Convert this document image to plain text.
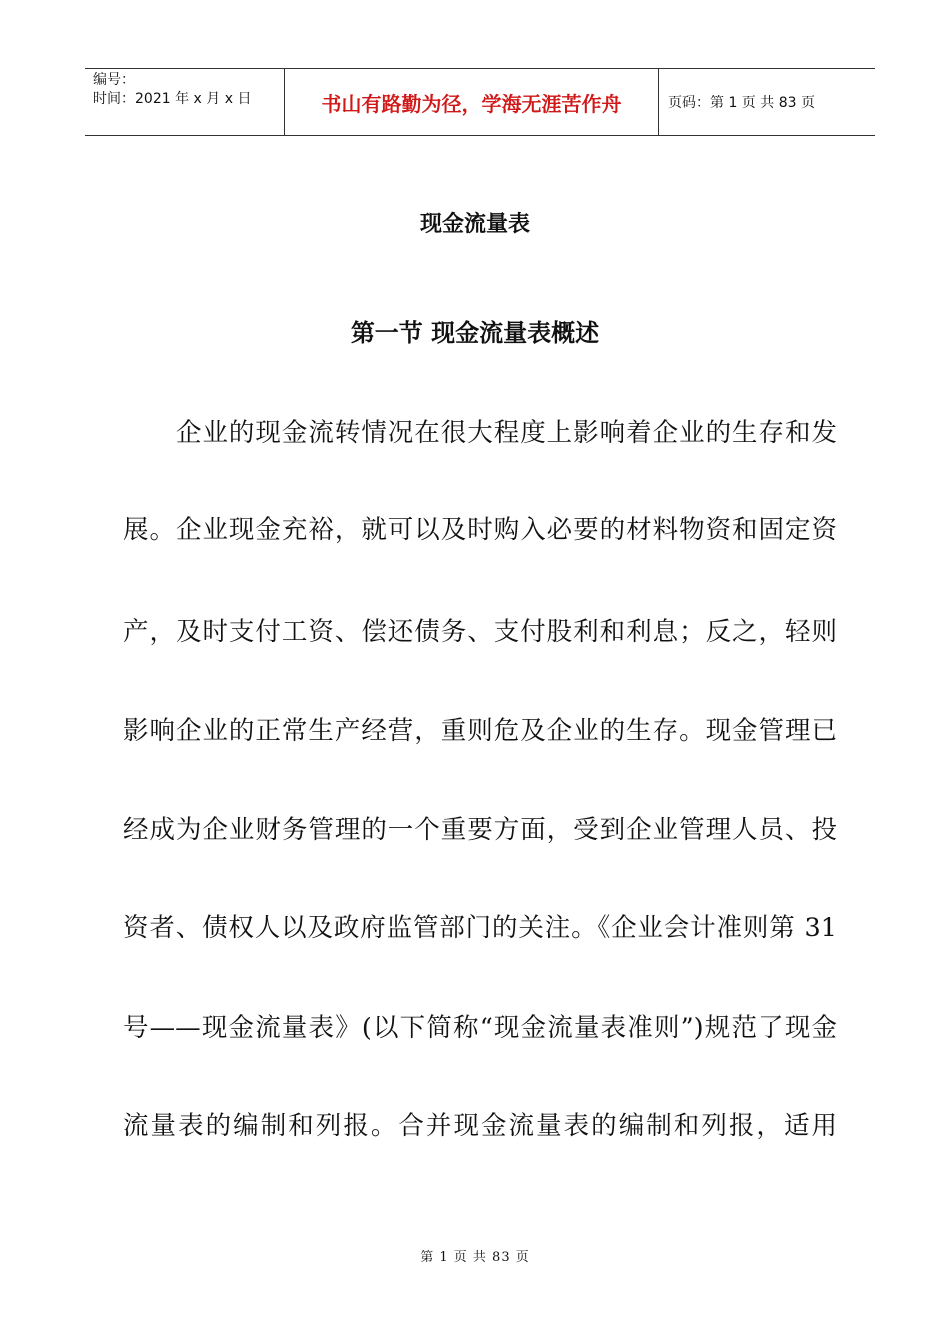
编号：
时间：2021 年 x 月 x 日	书山有路勤为径，学海无涯苦作舟	页码：第 1 页 共 83 页
现金流量表
第一节 现金流量表概述
　　企业的现金流转情况在很大程度上影响着企业的生存和发
展。企业现金充裕，就可以及时购入必要的材料物资和固定资
产，及时支付工资、偿还债务、支付股利和利息；反之，轻则
影响企业的正常生产经营，重则危及企业的生存。现金管理已
经成为企业财务管理的一个重要方面，受到企业管理人员、投
资者、债权人以及政府监管部门的关注。《企业会计准则第 31
号——现金流量表》(以下简称“现金流量表准则”)规范了现金
流量表的编制和列报。合并现金流量表的编制和列报，适用
第 1 页 共 83 页
